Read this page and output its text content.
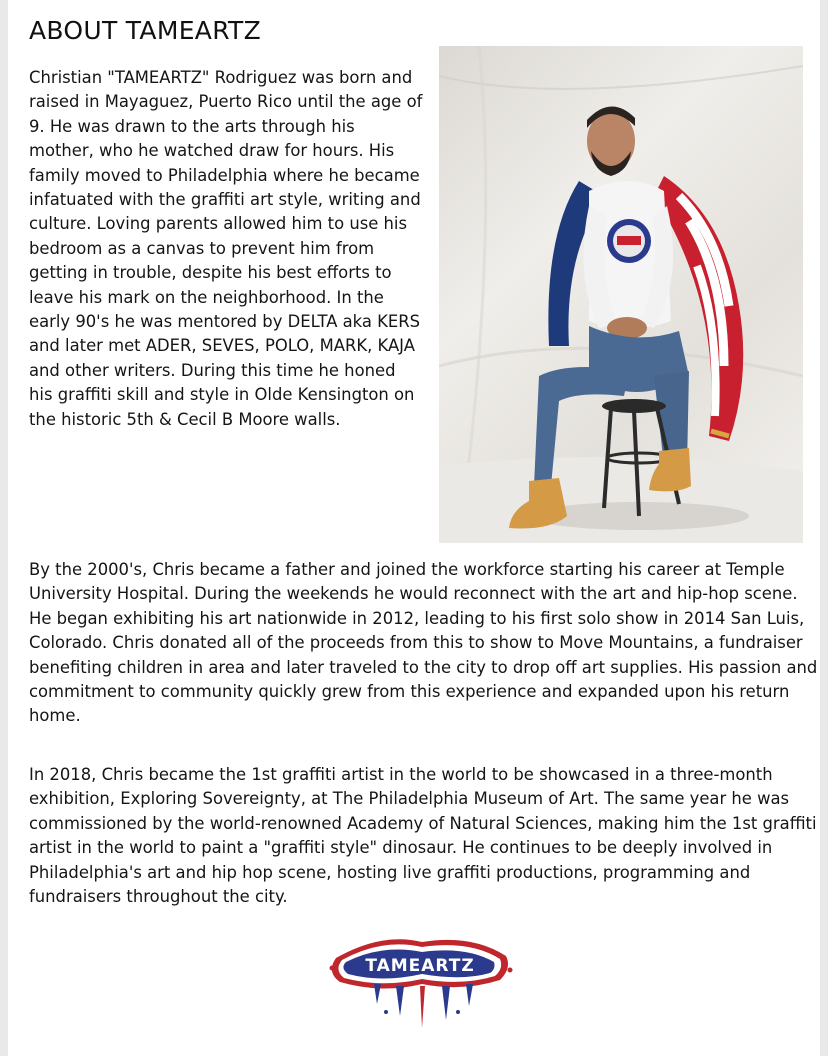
ABOUT TAMEARTZ

Christian "TAMEARTZ" Rodriguez was born and raised in Mayaguez, Puerto Rico until the age of 9. He was drawn to the arts through his mother, who he watched draw for hours. His family moved to Philadelphia where he became infatuated with the graffiti art style, writing and culture. Loving parents allowed him to use his bedroom as a canvas to prevent him from getting in trouble, despite his best efforts to leave his mark on the neighborhood. In the early 90's he was mentored by DELTA aka KERS and later met ADER, SEVES, POLO, MARK, KAJA and other writers. During this time he honed his graffiti skill and style in Olde Kensington on the historic 5th & Cecil B Moore walls.

By the 2000's, Chris became a father and joined the workforce starting his career at Temple University Hospital. During the weekends he would reconnect with the art and hip-hop scene. He began exhibiting his art nationwide in 2012, leading to his first solo show in 2014 San Luis, Colorado. Chris donated all of the proceeds from this to show to Move Mountains, a fundraiser benefiting children in area and later traveled to the city to drop off art supplies. His passion and commitment to community quickly grew from this experience and expanded upon his return home.

In 2018, Chris became the 1st graffiti artist in the world to be showcased in a three-month exhibition, Exploring Sovereignty, at The Philadelphia Museum of Art. The same year he was commissioned by the world-renowned Academy of Natural Sciences, making him the 1st graffiti artist in the world to paint a "graffiti style" dinosaur. He continues to be deeply involved in Philadelphia's art and hip hop scene, hosting live graffiti productions, programming and fundraisers throughout the city.

TAMEARTZ
